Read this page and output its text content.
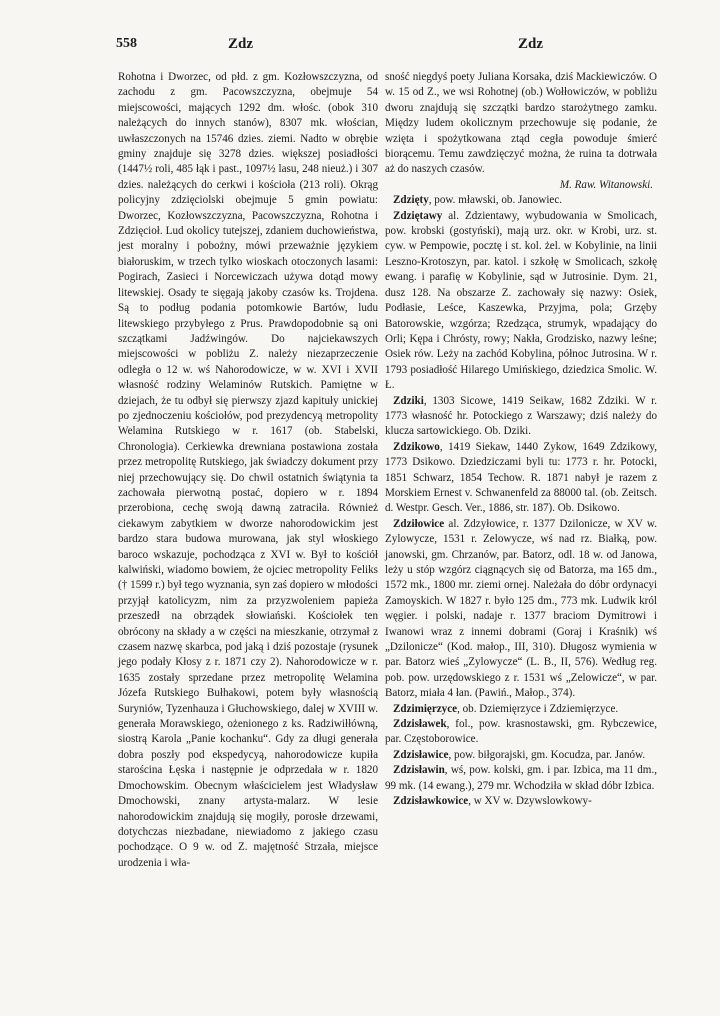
558	Zdz	Zdz

Rohotna i Dworzec, od płd. z gm. Kozłowszczyzna, od zachodu z gm. Pacowszczyzna, obejmuje 54 miejscowości, mających 1292 dm. włośc. (obok 310 należących do innych stanów), 8307 mk. włościan, uwłaszczonych na 15746 dzies. ziemi. Nadto w obrębie gminy znajduje się 3278 dzies. większej posiadłości (1447½ roli, 485 łąk i past., 1097½ lasu, 248 nieuż.) i 307 dzies. należących do cerkwi i kościoła (213 roli). Okrąg policyjny zdzięciolski obejmuje 5 gmin powiatu: Dworzec, Kozłowszczyzna, Pacowszczyzna, Rohotna i Zdzięcioł. Lud okolicy tutejszej, zdaniem duchowieństwa, jest moralny i pobożny, mówi przeważnie językiem białoruskim, w trzech tylko wioskach otoczonych lasami: Pogirach, Zasieci i Norcewiczach używa dotąd mowy litewskiej. Osady te sięgają jakoby czasów ks. Trojdena. Są to podług podania potomkowie Bartów, ludu litewskiego przybyłego z Prus. Prawdopodobnie są oni szczątkami Jadźwingów. Do najciekawszych miejscowości w pobliżu Z. należy niezaprzeczenie odległa o 12 w. wś Nahorodowicze, w w. XVI i XVII własność rodziny Welaminów Rutskich. Pamiętne w dziejach, że tu odbył się pierwszy zjazd kapituły unickiej po zjednoczeniu kościołów, pod prezydencyą metropolity Welamina Rutskiego w r. 1617 (ob. Stabelski, Chronologia). Cerkiewka drewniana postawiona została przez metropolitę Rutskiego, jak świadczy dokument przy niej przechowujący się. Do chwil ostatnich świątynia ta zachowała pierwotną postać, dopiero w r. 1894 przerobiona, cechę swoją dawną zatraciła. Również ciekawym zabytkiem w dworze nahorodowickim jest bardzo stara budowa murowana, jak styl włoskiego baroco wskazuje, pochodząca z XVI w. Był to kościół kalwiński, wiadomo bowiem, że ojciec metropolity Feliks († 1599 r.) był tego wyznania, syn zaś dopiero w młodości przyjął katolicyzm, nim za przyzwoleniem papieża przeszedł na obrządek słowiański. Kościołek ten obrócony na składy a w części na mieszkanie, otrzymał z czasem nazwę skarbca, pod jaką i dziś pozostaje (rysunek jego podały Kłosy z r. 1871 czy 2). Nahorodowicze w r. 1635 zostały sprzedane przez metropolitę Welamina Józefa Rutskiego Bułhakowi, potem były własnością Suryniów, Tyzenhauza i Głuchowskiego, dalej w XVIII w. generała Morawskiego, ożenionego z ks. Radziwiłłówną, siostrą Karola „Panie kochanku“. Gdy za długi generała dobra poszły pod ekspedycyą, nahorodowicze kupiła starościna Łęska i następnie je odprzedała w r. 1820 Dmochowskim. Obecnym właścicielem jest Władysław Dmochowski, znany artysta-malarz. W lesie nahorodowickim znajdują się mogiły, porosłe drzewami, dotychczas niezbadane, niewiadomo z jakiego czasu pochodzące. O 9 w. od Z. majętność Strzała, miejsce urodzenia i wła-

sność niegdyś poety Juliana Korsaka, dziś Mackiewiczów. O w. 15 od Z., we wsi Rohotnej (ob.) Wołłowiczów, w pobliżu dworu znajdują się szczątki bardzo starożytnego zamku. Między ludem okolicznym przechowuje się podanie, że wzięta i spożytkowana ztąd cegła powoduje śmierć biorącemu. Temu zawdzięczyć można, że ruina ta dotrwała aż do naszych czasów.

M. Raw. Witanowski.

Zdzięty, pow. mławski, ob. Janowiec.

Zdziętawy al. Zdzientawy, wybudowania w Smolicach, pow. krobski (gostyński), mają urz. okr. w Krobi, urz. st. cyw. w Pempowie, pocztę i st. kol. żel. w Kobylinie, na linii Leszno-Krotoszyn, par. katol. i szkołę w Smolicach, szkołę ewang. i parafię w Kobylinie, sąd w Jutrosinie. Dym. 21, dusz 128. Na obszarze Z. zachowały się nazwy: Osiek, Podłasie, Leśce, Kaszewka, Przyjma, pola; Grzęby Batorowskie, wzgórza; Rzedząca, strumyk, wpadający do Orli; Kępa i Chrósty, rowy; Nakła, Grodzisko, nazwy leśne; Osiek rów. Leży na zachód Kobylina, północ Jutrosina. W r. 1793 posiadłość Hilarego Umińskiego, dziedzica Smolic. W. Ł.

Zdziki, 1303 Sicowe, 1419 Seikaw, 1682 Zdziki. W r. 1773 własność hr. Potockiego z Warszawy; dziś należy do klucza sartowickiego. Ob. Dziki.

Zdzikowo, 1419 Siekaw, 1440 Zykow, 1649 Zdzikowy, 1773 Dsikowo. Dziedziczami byli tu: 1773 r. hr. Potocki, 1851 Schwarz, 1854 Techow. R. 1871 nabył je razem z Morskiem Ernest v. Schwanenfeld za 88000 tal. (ob. Zeitsch. d. Westpr. Gesch. Ver., 1886, str. 187). Ob. Dsikowo.

Zdziłowice al. Zdzyłowice, r. 1377 Dzilonicze, w XV w. Zylowycze, 1531 r. Zelowycze, wś nad rz. Białką, pow. janowski, gm. Chrzanów, par. Batorz, odl. 18 w. od Janowa, leży u stóp wzgórz ciągnących się od Batorza, ma 165 dm., 1572 mk., 1800 mr. ziemi ornej. Należała do dóbr ordynacyi Zamoyskich. W 1827 r. było 125 dm., 773 mk. Ludwik król węgier. i polski, nadaje r. 1377 braciom Dymitrowi i Iwanowi wraz z innemi dobrami (Goraj i Kraśnik) wś „Dzilonicze“ (Kod. małop., III, 310). Długosz wymienia w par. Batorz wieś „Zylowycze“ (L. B., II, 576). Według reg. pob. pow. urzędowskiego z r. 1531 wś „Zelowicze“, w par. Batorz, miała 4 łan. (Pawiń., Małop., 374).

Zdzimięrzyce, ob. Dziemięrzyce i Zdziemięrzyce.

Zdzisławek, fol., pow. krasnostawski, gm. Rybczewice, par. Częstoborowice.

Zdzisławice, pow. biłgorajski, gm. Kocudza, par. Janów.

Zdzisławin, wś, pow. kolski, gm. i par. Izbica, ma 11 dm., 99 mk. (14 ewang.), 279 mr. Wchodziła w skład dóbr Izbica.

Zdzisławkowice, w XV w. Dzywslowkowy-
